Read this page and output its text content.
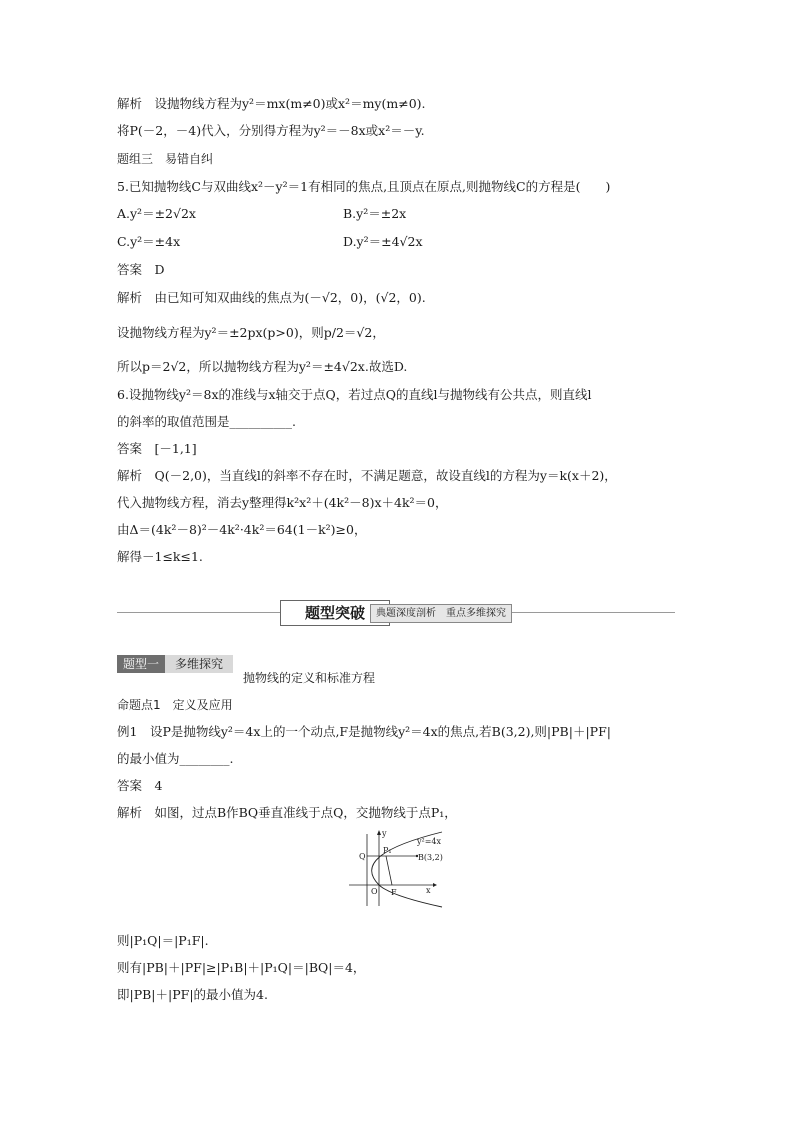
解析　设抛物线方程为y²＝mx(m≠0)或x²＝my(m≠0).
将P(－2，－4)代入，分别得方程为y²＝－8x或x²＝－y.
题组三　易错自纠
5.已知抛物线C与双曲线x²－y²＝1有相同的焦点,且顶点在原点,则抛物线C的方程是(　　)
A.y²＝±2√2x	B.y²＝±2x
C.y²＝±4x	D.y²＝±4√2x
答案　D
解析　由已知可知双曲线的焦点为(－√2，0)，(√2，0).
设抛物线方程为y²＝±2px(p>0)，则p/2＝√2，
所以p＝2√2，所以抛物线方程为y²＝±4√2x.故选D.
6.设抛物线y²＝8x的准线与x轴交于点Q，若过点Q的直线l与抛物线有公共点，则直线l
的斜率的取值范围是__________.
答案　[－1,1]
解析　Q(－2,0)，当直线l的斜率不存在时，不满足题意，故设直线l的方程为y＝k(x＋2)，
代入抛物线方程，消去y整理得k²x²＋(4k²－8)x＋4k²＝0，
由Δ＝(4k²－8)²－4k²·4k²＝64(1－k²)≥0，
解得－1≤k≤1.
题型突破	典题深度剖析　重点多维探究
题型一	多维探究
抛物线的定义和标准方程
命题点1　定义及应用
例1　设P是抛物线y²＝4x上的一个动点,F是抛物线y²＝4x的焦点,若B(3,2),则|PB|＋|PF|
的最小值为________.
答案　4
解析　如图，过点B作BQ垂直准线于点Q，交抛物线于点P₁，
Q
P₁
B(3,2)
y²=4x
O F	x
y
则|P₁Q|＝|P₁F|.
则有|PB|＋|PF|≥|P₁B|＋|P₁Q|＝|BQ|＝4，
即|PB|＋|PF|的最小值为4.
